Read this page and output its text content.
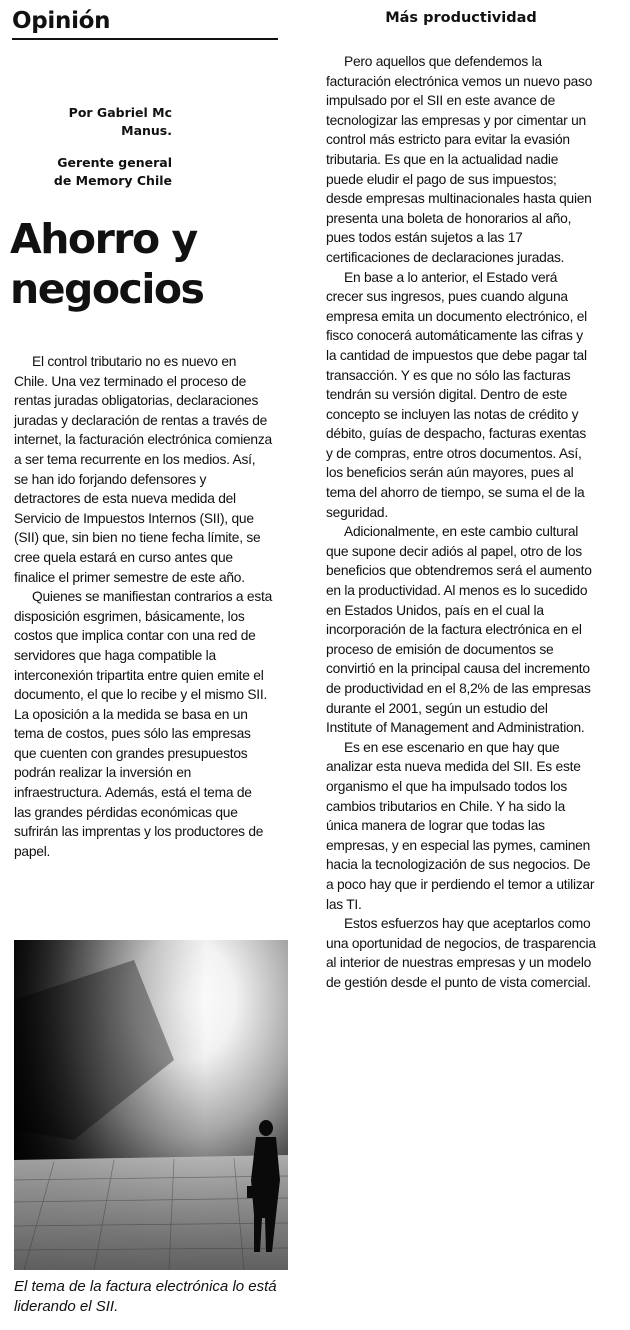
Opinión

Por Gabriel Mc Manus.

Gerente general de Memory Chile

Ahorro y negocios

El control tributario no es nuevo en Chile. Una vez terminado el proceso de rentas juradas obligatorias, declaraciones juradas y declaración de rentas a través de internet, la facturación electrónica comienza a ser tema recurrente en los medios. Así, se han ido forjando defensores y detractores de esta nueva medida del Servicio de Impuestos Internos (SII), que (SII) que, sin bien no tiene fecha límite, se cree quela estará en curso antes que finalice el primer semestre de este año.

Quienes se manifiestan contrarios a esta disposición esgrimen, básicamente, los costos que implica contar con una red de servidores que haga compatible la interconexión tripartita entre quien emite el documento, el que lo recibe y el mismo SII. La oposición a la medida se basa en un tema de costos, pues sólo las empresas que cuenten con grandes presupuestos podrán realizar la inversión en infraestructura. Además, está el tema de las grandes pérdidas económicas que sufrirán las imprentas y los productores de papel.

Más productividad

Pero aquellos que defendemos la facturación electrónica vemos un nuevo paso impulsado por el SII en este avance de tecnologizar las empresas y por cimentar un control más estricto para evitar la evasión tributaria. Es que en la actualidad nadie puede eludir el pago de sus impuestos; desde empresas multinacionales hasta quien presenta una boleta de honorarios al año, pues todos están sujetos a las 17 certificaciones de declaraciones juradas.

En base a lo anterior, el Estado verá crecer sus ingresos, pues cuando alguna empresa emita un documento electrónico, el fisco conocerá automáticamente las cifras y la cantidad de impuestos que debe pagar tal transacción. Y es que no sólo las facturas tendrán su versión digital. Dentro de este concepto se incluyen las notas de crédito y débito, guías de despacho, facturas exentas y de compras, entre otros documentos. Así, los beneficios serán aún mayores, pues al tema del ahorro de tiempo, se suma el de la seguridad.

Adicionalmente, en este cambio cultural que supone decir adiós al papel, otro de los beneficios que obtendremos será el aumento en la productividad. Al menos es lo sucedido en Estados Unidos, país en el cual la incorporación de la factura electrónica en el proceso de emisión de documentos se convirtió en la principal causa del incremento de productividad en el 8,2% de las empresas durante el 2001, según un estudio del Institute of Management and Administration.

Es en ese escenario en que hay que analizar esta nueva medida del SII. Es este organismo el que ha impulsado todos los cambios tributarios en Chile. Y ha sido la única manera de lograr que todas las empresas, y en especial las pymes, caminen hacia la tecnologización de sus negocios. De a poco hay que ir perdiendo el temor a utilizar las TI.

Estos esfuerzos hay que aceptarlos como una oportunidad de negocios, de trasparencia al interior de nuestras empresas y un modelo de gestión desde el punto de vista comercial.

El tema de la factura electrónica lo está liderando el SII.
